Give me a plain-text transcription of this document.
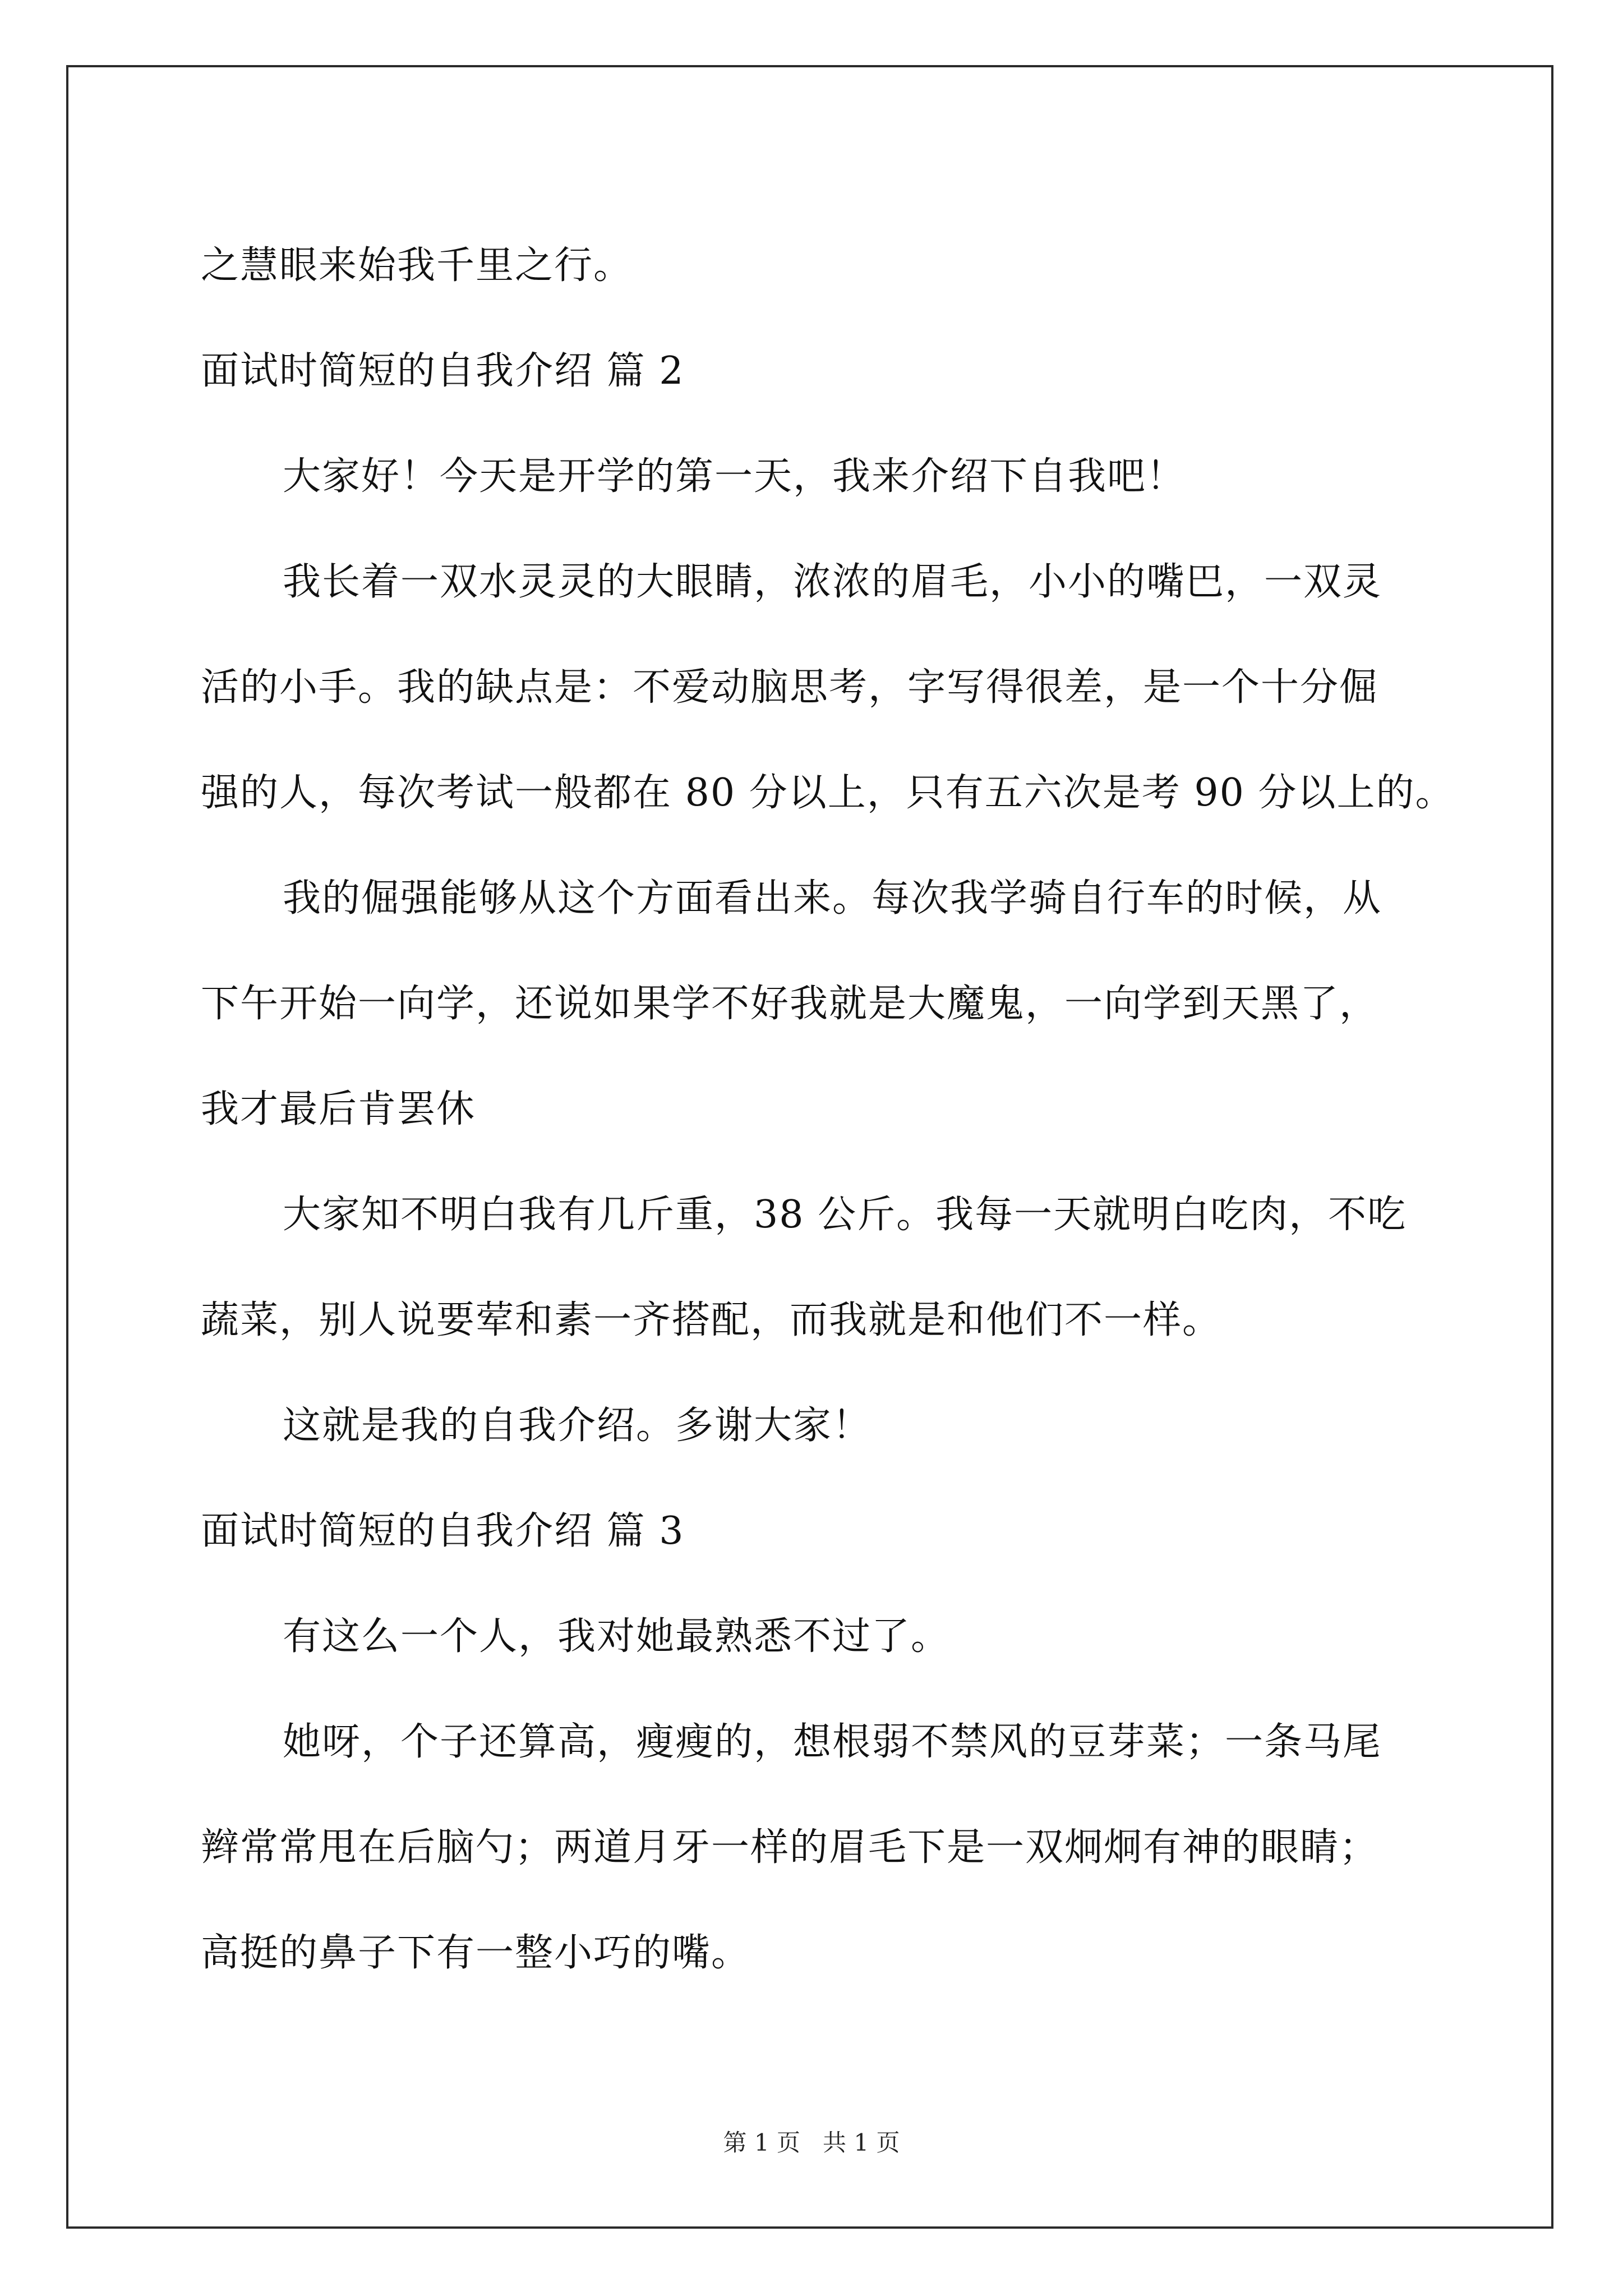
之慧眼来始我千里之行。
面试时简短的自我介绍 篇 2
大家好！今天是开学的第一天，我来介绍下自我吧！
我长着一双水灵灵的大眼睛，浓浓的眉毛，小小的嘴巴，一双灵
活的小手。我的缺点是：不爱动脑思考，字写得很差，是一个十分倔
强的人，每次考试一般都在 80 分以上，只有五六次是考 90 分以上的。
我的倔强能够从这个方面看出来。每次我学骑自行车的时候，从
下午开始一向学，还说如果学不好我就是大魔鬼，一向学到天黑了，
我才最后肯罢休
大家知不明白我有几斤重，38 公斤。我每一天就明白吃肉，不吃
蔬菜，别人说要荤和素一齐搭配，而我就是和他们不一样。
这就是我的自我介绍。多谢大家！
面试时简短的自我介绍 篇 3
有这么一个人，我对她最熟悉不过了。
她呀，个子还算高，瘦瘦的，想根弱不禁风的豆芽菜；一条马尾
辫常常甩在后脑勺；两道月牙一样的眉毛下是一双炯炯有神的眼睛；
高挺的鼻子下有一整小巧的嘴。
第 1 页   共 1 页
